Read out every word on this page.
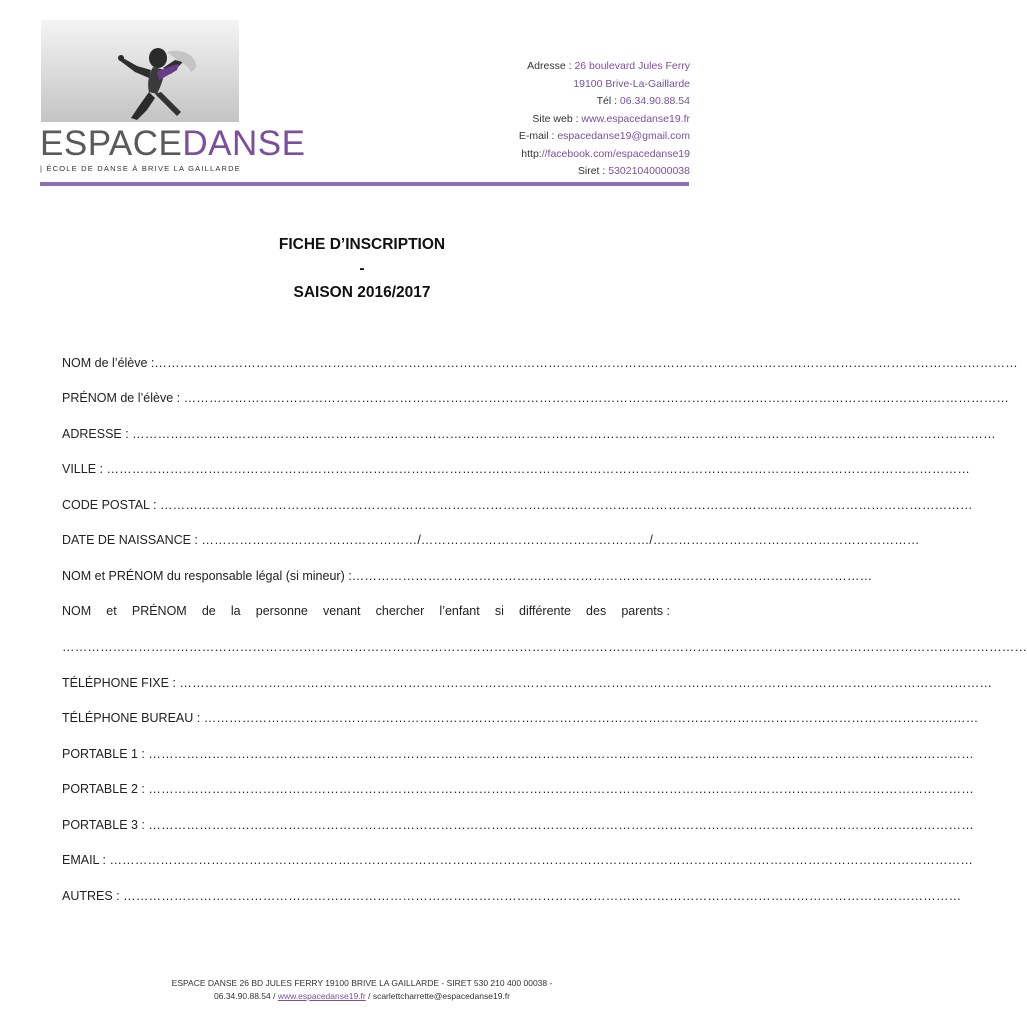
ESPACEDANSE
| ÉCOLE DE DANSE À BRIVE LA GAILLARDE
Adresse : 26 boulevard Jules Ferry
19100 Brive-La-Gaillarde
Tél : 06.34.90.88.54
Site web : www.espacedanse19.fr
E-mail : espacedanse19@gmail.com
http://facebook.com/espacedanse19
Siret : 53021040000038
FICHE D’INSCRIPTION
-
SAISON 2016/2017
NOM de l’élève :……………………………………………………………………………………………………………………………………………………………………………………
PRÉNOM de l’élève : ……………………………………………………………………………………………………………………………………………………………………………
ADRESSE : ……………………………………………………………………………………………………………………………………………………………………………………
VILLE : ……………………………………………………………………………………………………………………………………………………………………………………
CODE POSTAL : …………………………………………………………………………………………………………………………………………………………………………
DATE DE NAISSANCE : ……………………………………………/………………………………………………/………………………………………………………
NOM et PRÉNOM du responsable légal (si mineur) :……………………………………………………………………………………………………………
NOM et PRÉNOM de la personne venant chercher l’enfant si différente des parents :
…………………………………………………………………………………………………………………………………………………………………………………………………………
TÉLÉPHONE FIXE : …………………………………………………………………………………………………………………………………………………………………………
TÉLÉPHONE BUREAU : …………………………………………………………………………………………………………………………………………………………………
PORTABLE 1 : ……………………………………………………………………………………………………………………………………………………………………………
PORTABLE 2 : ……………………………………………………………………………………………………………………………………………………………………………
PORTABLE 3 : ……………………………………………………………………………………………………………………………………………………………………………
EMAIL : ……………………………………………………………………………………………………………………………………………………………………………………
AUTRES : ………………………………………………………………………………………………………………………………………………………………………………
ESPACE DANSE 26 BD JULES FERRY 19100 BRIVE LA GAILLARDE - SIRET 530 210 400 00038 -
06.34.90.88.54 / www.espacedanse19.fr / scarlettcharrette@espacedanse19.fr
